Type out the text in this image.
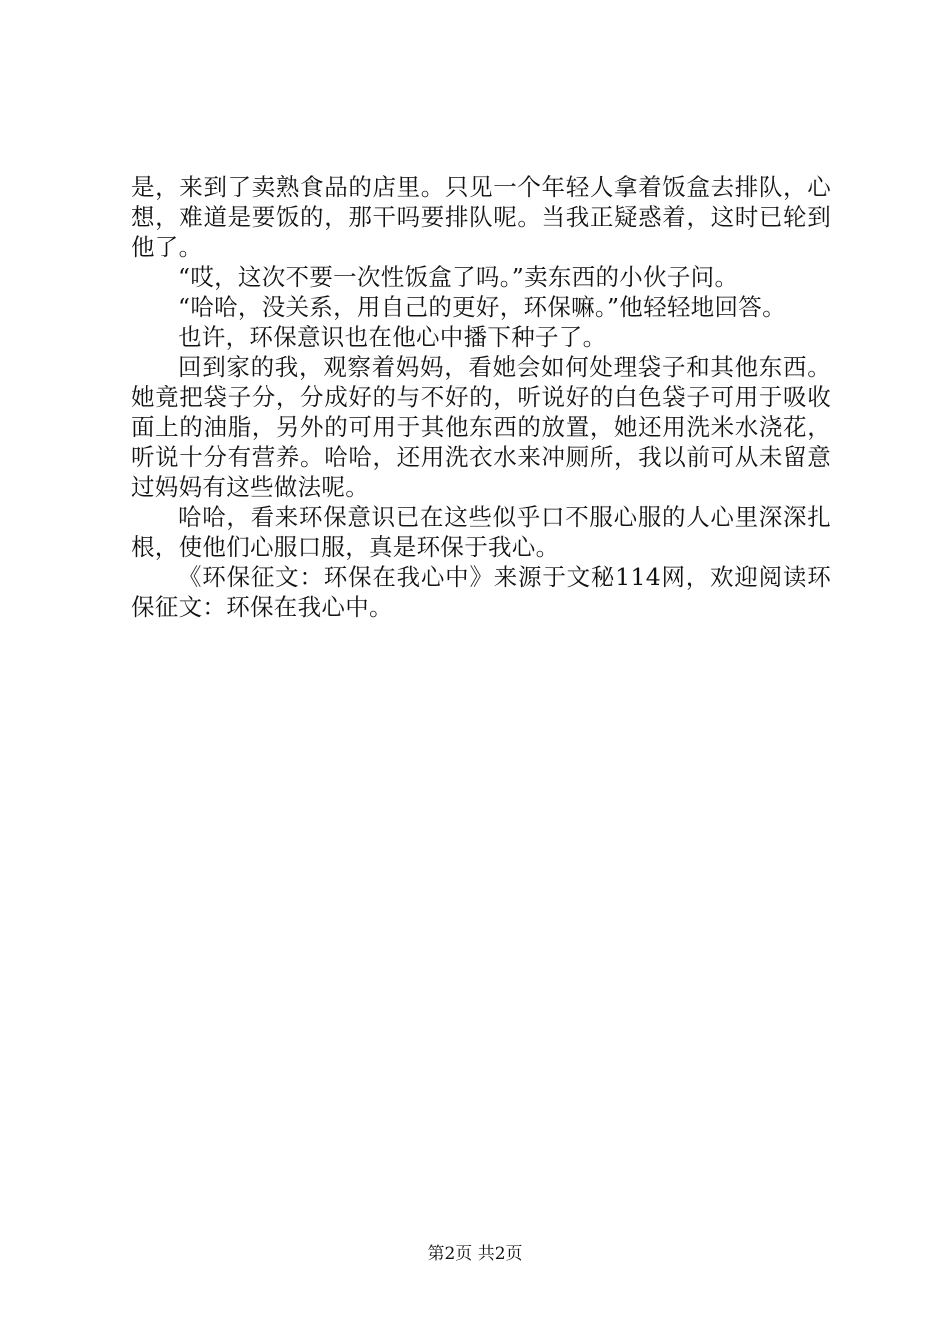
是，来到了卖熟食品的店里。只见一个年轻人拿着饭盒去排队，心想，难道是要饭的，那干吗要排队呢。当我正疑惑着，这时已轮到他了。

“哎，这次不要一次性饭盒了吗。”卖东西的小伙子问。

“哈哈，没关系，用自己的更好，环保嘛。”他轻轻地回答。

也许，环保意识也在他心中播下种子了。

回到家的我，观察着妈妈，看她会如何处理袋子和其他东西。她竟把袋子分，分成好的与不好的，听说好的白色袋子可用于吸收面上的油脂，另外的可用于其他东西的放置，她还用洗米水浇花，听说十分有营养。哈哈，还用洗衣水来冲厕所，我以前可从未留意过妈妈有这些做法呢。

哈哈，看来环保意识已在这些似乎口不服心服的人心里深深扎根，使他们心服口服，真是环保于我心。

《环保征文：环保在我心中》来源于文秘114网，欢迎阅读环保征文：环保在我心中。

第2页 共2页
